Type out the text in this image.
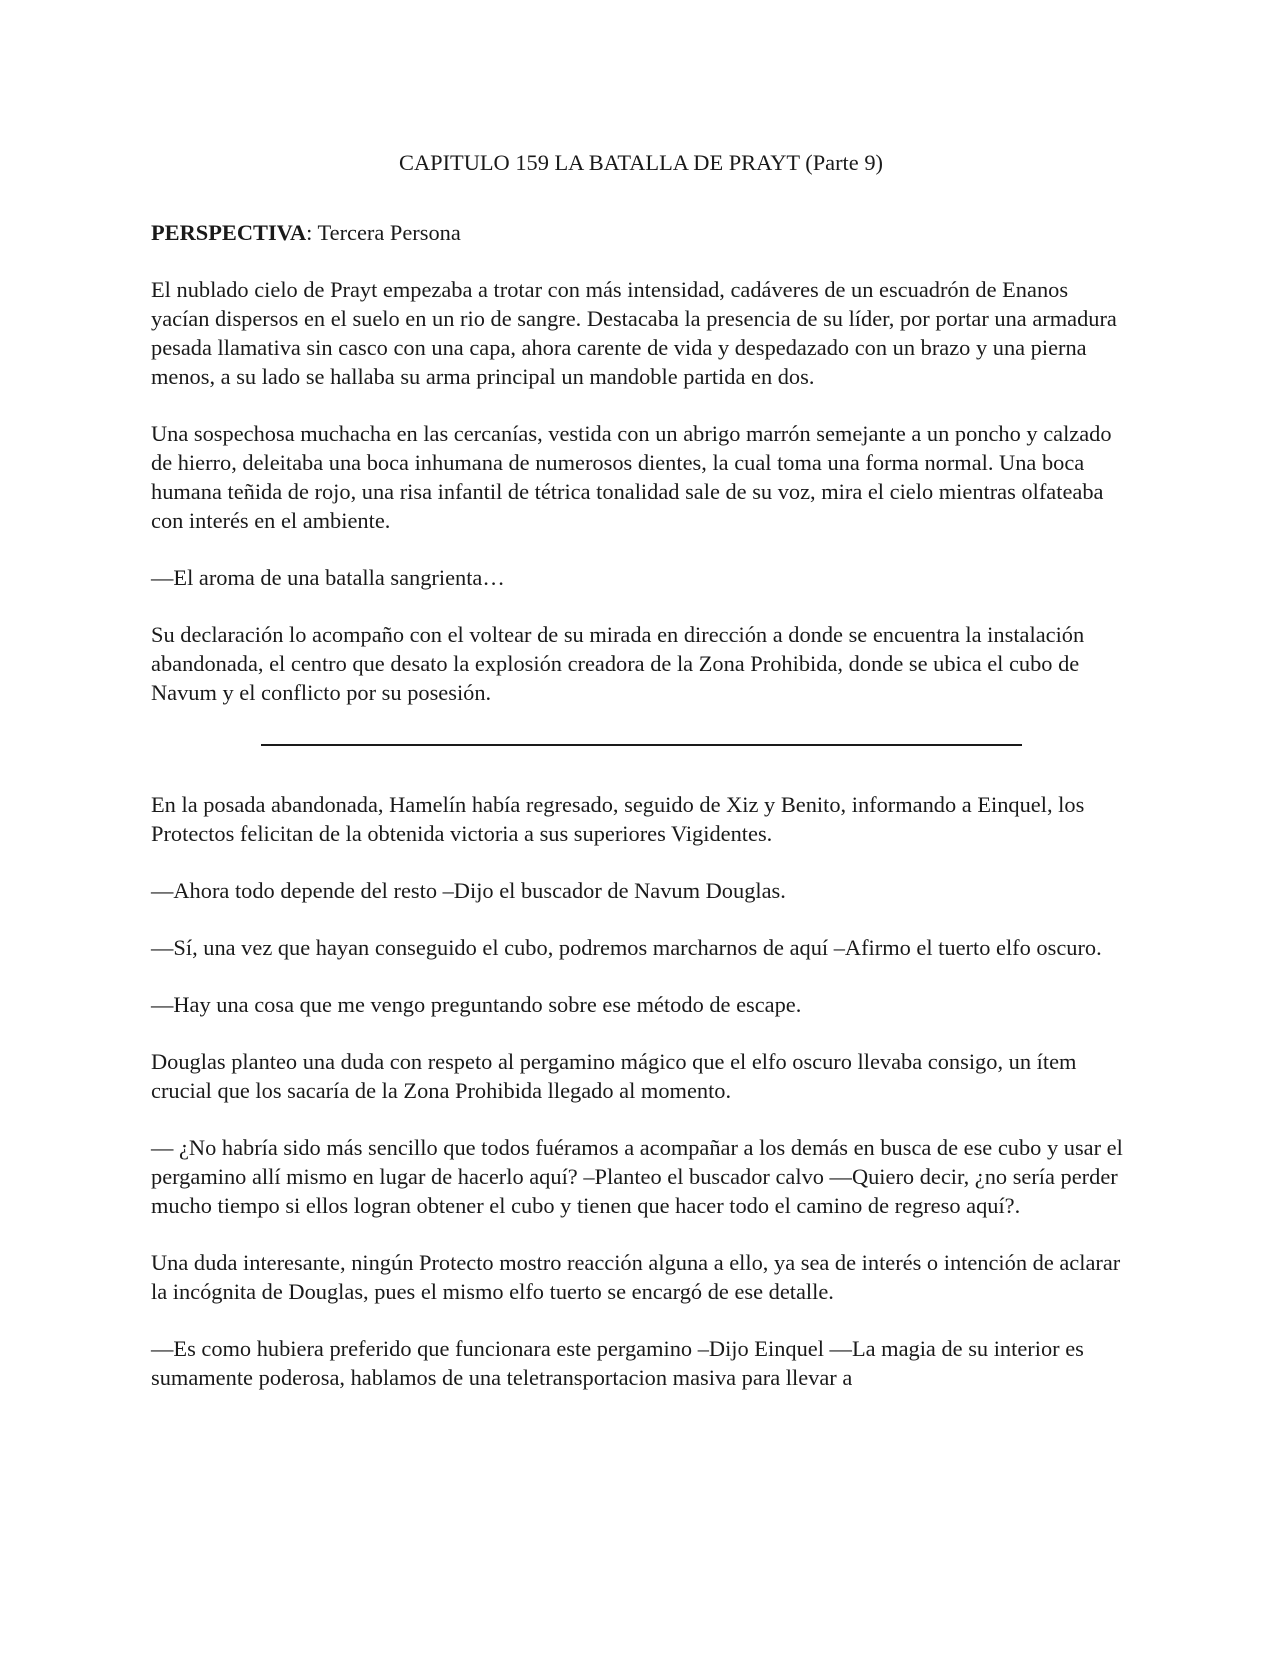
CAPITULO 159 LA BATALLA DE PRAYT (Parte 9)

PERSPECTIVA: Tercera Persona

El nublado cielo de Prayt empezaba a trotar con más intensidad, cadáveres de un escuadrón de Enanos yacían dispersos en el suelo en un rio de sangre. Destacaba la presencia de su líder, por portar una armadura pesada llamativa sin casco con una capa, ahora carente de vida y despedazado con un brazo y una pierna menos, a su lado se hallaba su arma principal un mandoble partida en dos.

Una sospechosa muchacha en las cercanías, vestida con un abrigo marrón semejante a un poncho y calzado de hierro, deleitaba una boca inhumana de numerosos dientes, la cual toma una forma normal. Una boca humana teñida de rojo, una risa infantil de tétrica tonalidad sale de su voz, mira el cielo mientras olfateaba con interés en el ambiente.

—El aroma de una batalla sangrienta…

Su declaración lo acompaño con el voltear de su mirada en dirección a donde se encuentra la instalación abandonada, el centro que desato la explosión creadora de la Zona Prohibida, donde se ubica el cubo de Navum y el conflicto por su posesión.

En la posada abandonada, Hamelín había regresado, seguido de Xiz y Benito, informando a Einquel, los Protectos felicitan de la obtenida victoria a sus superiores Vigidentes.

—Ahora todo depende del resto –Dijo el buscador de Navum Douglas.

—Sí, una vez que hayan conseguido el cubo, podremos marcharnos de aquí –Afirmo el tuerto elfo oscuro.

—Hay una cosa que me vengo preguntando sobre ese método de escape.

Douglas planteo una duda con respeto al pergamino mágico que el elfo oscuro llevaba consigo, un ítem crucial que los sacaría de la Zona Prohibida llegado al momento.

— ¿No habría sido más sencillo que todos fuéramos a acompañar a los demás en busca de ese cubo y usar el pergamino allí mismo en lugar de hacerlo aquí? –Planteo el buscador calvo —Quiero decir, ¿no sería perder mucho tiempo si ellos logran obtener el cubo y tienen que hacer todo el camino de regreso aquí?.

Una duda interesante, ningún Protecto mostro reacción alguna a ello, ya sea de interés o intención de aclarar la incógnita de Douglas, pues el mismo elfo tuerto se encargó de ese detalle.

—Es como hubiera preferido que funcionara este pergamino –Dijo Einquel —La magia de su interior es sumamente poderosa, hablamos de una teletransportacion masiva para llevar a
